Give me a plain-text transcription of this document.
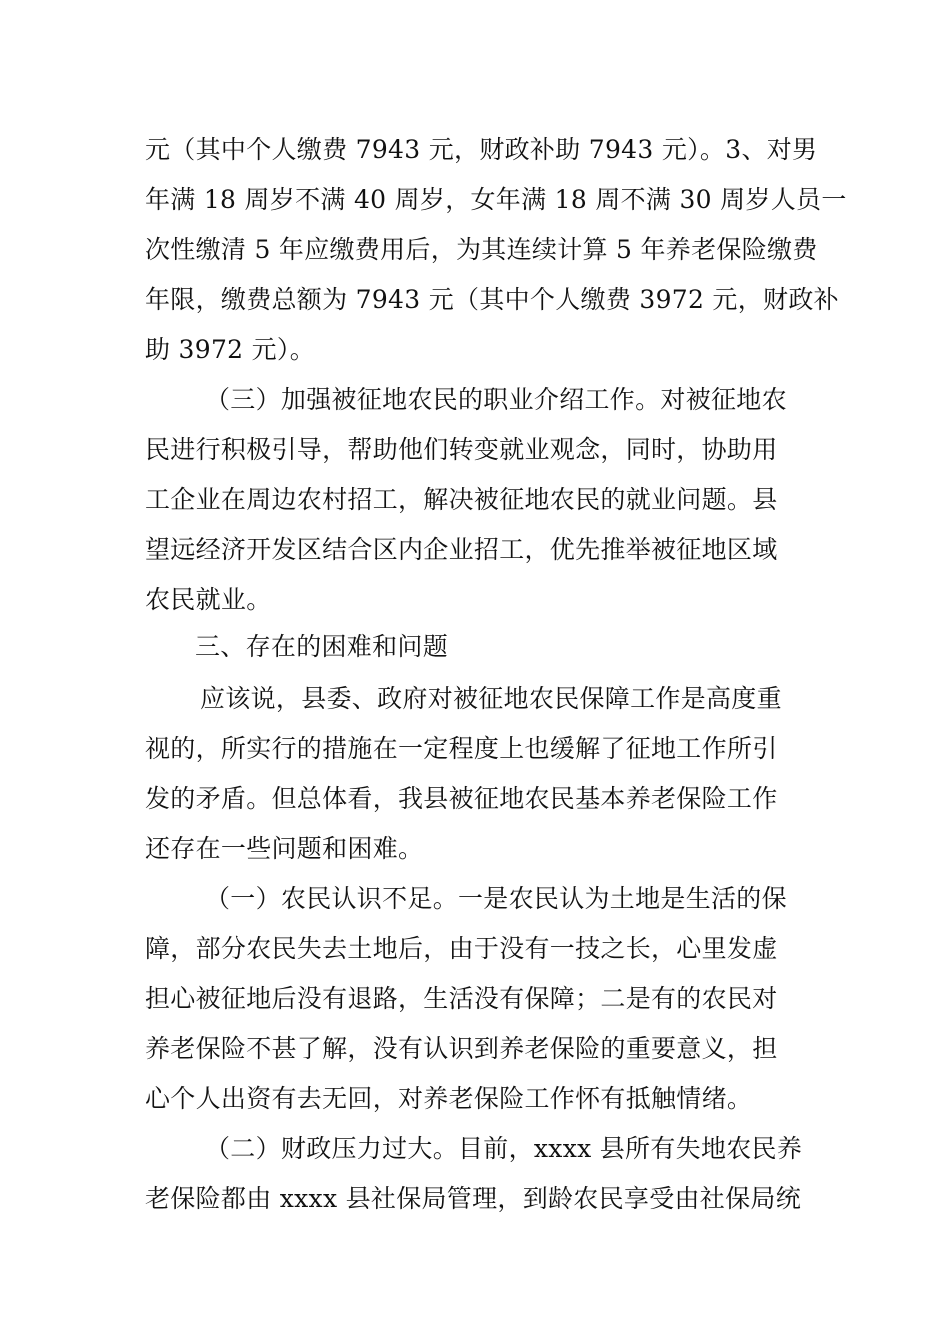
元（其中个人缴费 7943 元，财政补助 7943 元）。3、对男
年满 18 周岁不满 40 周岁，女年满 18 周不满 30 周岁人员一
次性缴清 5 年应缴费用后，为其连续计算 5 年养老保险缴费
年限，缴费总额为 7943 元（其中个人缴费 3972 元，财政补
助 3972 元）。
（三）加强被征地农民的职业介绍工作。对被征地农
民进行积极引导，帮助他们转变就业观念，同时，协助用
工企业在周边农村招工，解决被征地农民的就业问题。县
望远经济开发区结合区内企业招工，优先推举被征地区域
农民就业。
三、存在的困难和问题
应该说，县委、政府对被征地农民保障工作是高度重
视的，所实行的措施在一定程度上也缓解了征地工作所引
发的矛盾。但总体看，我县被征地农民基本养老保险工作
还存在一些问题和困难。
（一）农民认识不足。一是农民认为土地是生活的保
障，部分农民失去土地后，由于没有一技之长，心里发虚
担心被征地后没有退路，生活没有保障；二是有的农民对
养老保险不甚了解，没有认识到养老保险的重要意义，担
心个人出资有去无回，对养老保险工作怀有抵触情绪。
（二）财政压力过大。目前，xxxx 县所有失地农民养
老保险都由 xxxx 县社保局管理，到龄农民享受由社保局统
